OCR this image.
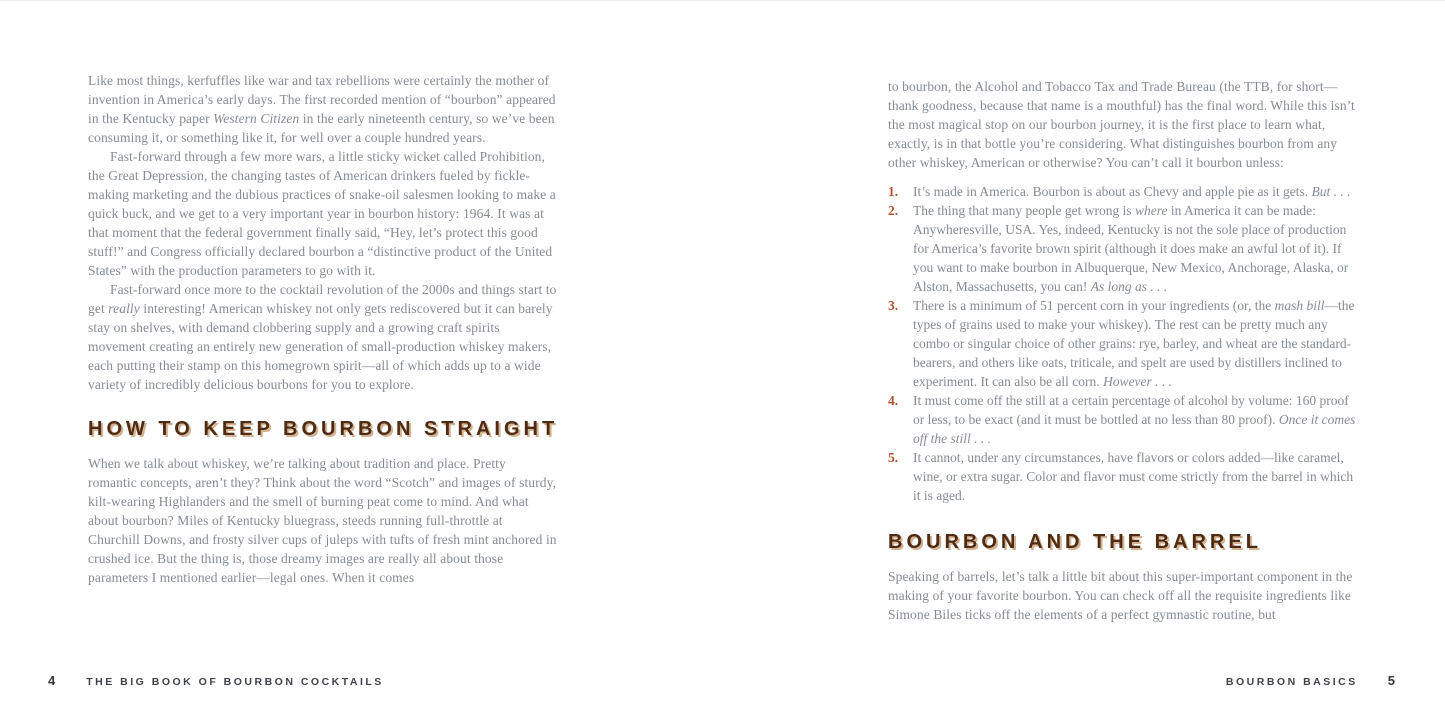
Like most things, kerfuffles like war and tax rebellions were certainly the mother of invention in America’s early days. The first recorded mention of “bourbon” appeared in the Kentucky paper Western Citizen in the early nineteenth century, so we’ve been consuming it, or something like it, for well over a couple hundred years.

Fast-forward through a few more wars, a little sticky wicket called Prohibition, the Great Depression, the changing tastes of American drinkers fueled by fickle-making marketing and the dubious practices of snake-oil salesmen looking to make a quick buck, and we get to a very important year in bourbon history: 1964. It was at that moment that the federal government finally said, “Hey, let’s protect this good stuff!” and Congress officially declared bourbon a “distinctive product of the United States” with the production parameters to go with it.

Fast-forward once more to the cocktail revolution of the 2000s and things start to get really interesting! American whiskey not only gets rediscovered but it can barely stay on shelves, with demand clobbering supply and a growing craft spirits movement creating an entirely new generation of small-production whiskey makers, each putting their stamp on this homegrown spirit—all of which adds up to a wide variety of incredibly delicious bourbons for you to explore.

HOW TO KEEP BOURBON STRAIGHT

When we talk about whiskey, we’re talking about tradition and place. Pretty romantic concepts, aren’t they? Think about the word “Scotch” and images of sturdy, kilt-wearing Highlanders and the smell of burning peat come to mind. And what about bourbon? Miles of Kentucky bluegrass, steeds running full-throttle at Churchill Downs, and frosty silver cups of juleps with tufts of fresh mint anchored in crushed ice. But the thing is, those dreamy images are really all about those parameters I mentioned earlier—legal ones. When it comes

to bourbon, the Alcohol and Tobacco Tax and Trade Bureau (the TTB, for short—thank goodness, because that name is a mouthful) has the final word. While this isn’t the most magical stop on our bourbon journey, it is the first place to learn what, exactly, is in that bottle you’re considering. What distinguishes bourbon from any other whiskey, American or otherwise? You can’t call it bourbon unless:

1. It’s made in America. Bourbon is about as Chevy and apple pie as it gets. But . . .
2. The thing that many people get wrong is where in America it can be made: Anywheresville, USA. Yes, indeed, Kentucky is not the sole place of production for America’s favorite brown spirit (although it does make an awful lot of it). If you want to make bourbon in Albuquerque, New Mexico, Anchorage, Alaska, or Alston, Massachusetts, you can! As long as . . .
3. There is a minimum of 51 percent corn in your ingredients (or, the mash bill—the types of grains used to make your whiskey). The rest can be pretty much any combo or singular choice of other grains: rye, barley, and wheat are the standard-bearers, and others like oats, triticale, and spelt are used by distillers inclined to experiment. It can also be all corn. However . . .
4. It must come off the still at a certain percentage of alcohol by volume: 160 proof or less, to be exact (and it must be bottled at no less than 80 proof). Once it comes off the still . . .
5. It cannot, under any circumstances, have flavors or colors added—like caramel, wine, or extra sugar. Color and flavor must come strictly from the barrel in which it is aged.
BOURBON AND THE BARREL

Speaking of barrels, let’s talk a little bit about this super-important component in the making of your favorite bourbon. You can check off all the requisite ingredients like Simone Biles ticks off the elements of a perfect gymnastic routine, but

4	THE BIG BOOK OF BOURBON COCKTAILS	BOURBON BASICS 5
